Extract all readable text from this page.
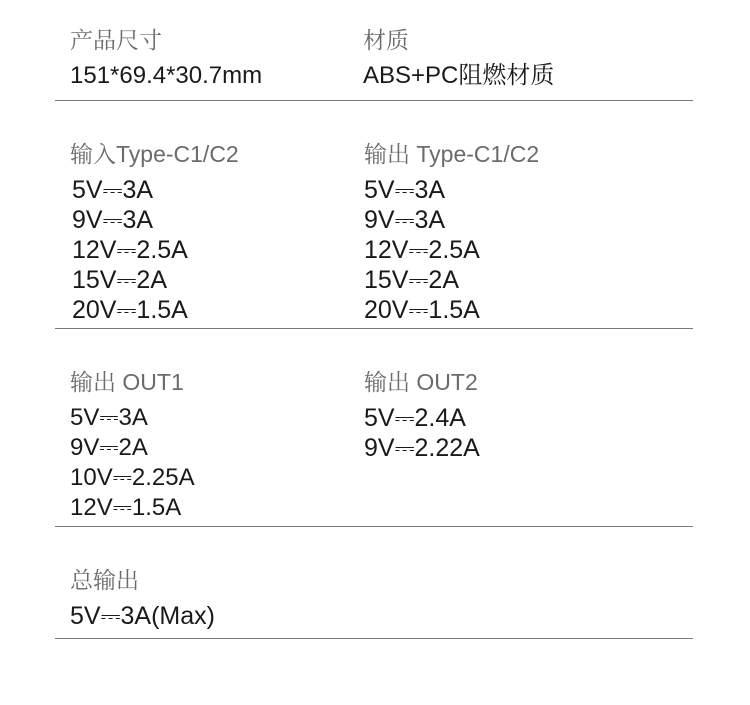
产品尺寸
151*69.4*30.7mm
材质
ABS+PC阻燃材质
输入Type-C1/C2
5V⎓3A
9V⎓3A
12V⎓2.5A
15V⎓2A
20V⎓1.5A
输出 Type-C1/C2
5V⎓3A
9V⎓3A
12V⎓2.5A
15V⎓2A
20V⎓1.5A
输出 OUT1
5V⎓3A
9V⎓2A
10V⎓2.25A
12V⎓1.5A
输出 OUT2
5V⎓2.4A
9V⎓2.22A
总输出
5V⎓3A(Max)
